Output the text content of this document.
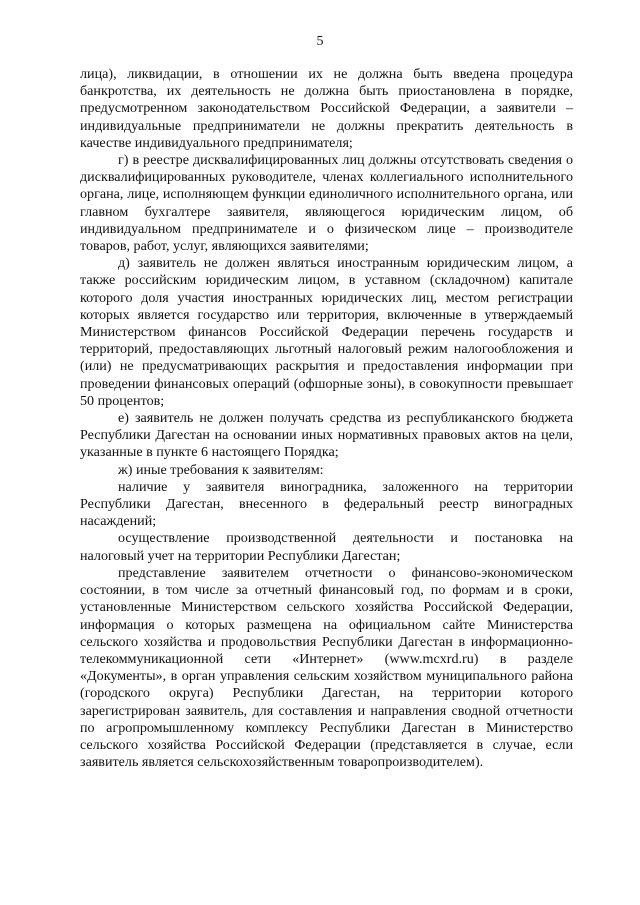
5

лица), ликвидации, в отношении их не должна быть введена процедура банкротства, их деятельность не должна быть приостановлена в порядке, предусмотренном законодательством Российской Федерации, а заявители – индивидуальные предприниматели не должны прекратить деятельность в качестве индивидуального предпринимателя;

г) в реестре дисквалифицированных лиц должны отсутствовать сведения о дисквалифицированных руководителе, членах коллегиального исполнительного органа, лице, исполняющем функции единоличного исполнительного органа, или главном бухгалтере заявителя, являющегося юридическим лицом, об индивидуальном предпринимателе и о физическом лице – производителе товаров, работ, услуг, являющихся заявителями;

д) заявитель не должен являться иностранным юридическим лицом, а также российским юридическим лицом, в уставном (складочном) капитале которого доля участия иностранных юридических лиц, местом регистрации которых является государство или территория, включенные в утверждаемый Министерством финансов Российской Федерации перечень государств и территорий, предоставляющих льготный налоговый режим налогообложения и (или) не предусматривающих раскрытия и предоставления информации при проведении финансовых операций (офшорные зоны), в совокупности превышает 50 процентов;

е) заявитель не должен получать средства из республиканского бюджета Республики Дагестан на основании иных нормативных правовых актов на цели, указанные в пункте 6 настоящего Порядка;

ж) иные требования к заявителям:

наличие у заявителя виноградника, заложенного на территории Республики Дагестан, внесенного в федеральный реестр виноградных насаждений;

осуществление производственной деятельности и постановка на налоговый учет на территории Республики Дагестан;

представление заявителем отчетности о финансово-экономическом состоянии, в том числе за отчетный финансовый год, по формам и в сроки, установленные Министерством сельского хозяйства Российской Федерации, информация о которых размещена на официальном сайте Министерства сельского хозяйства и продовольствия Республики Дагестан в информационно-телекоммуникационной сети «Интернет» (www.mcxrd.ru) в разделе «Документы», в орган управления сельским хозяйством муниципального района (городского округа) Республики Дагестан, на территории которого зарегистрирован заявитель, для составления и направления сводной отчетности по агропромышленному комплексу Республики Дагестан в Министерство сельского хозяйства Российской Федерации (представляется в случае, если заявитель является сельскохозяйственным товаропроизводителем).
